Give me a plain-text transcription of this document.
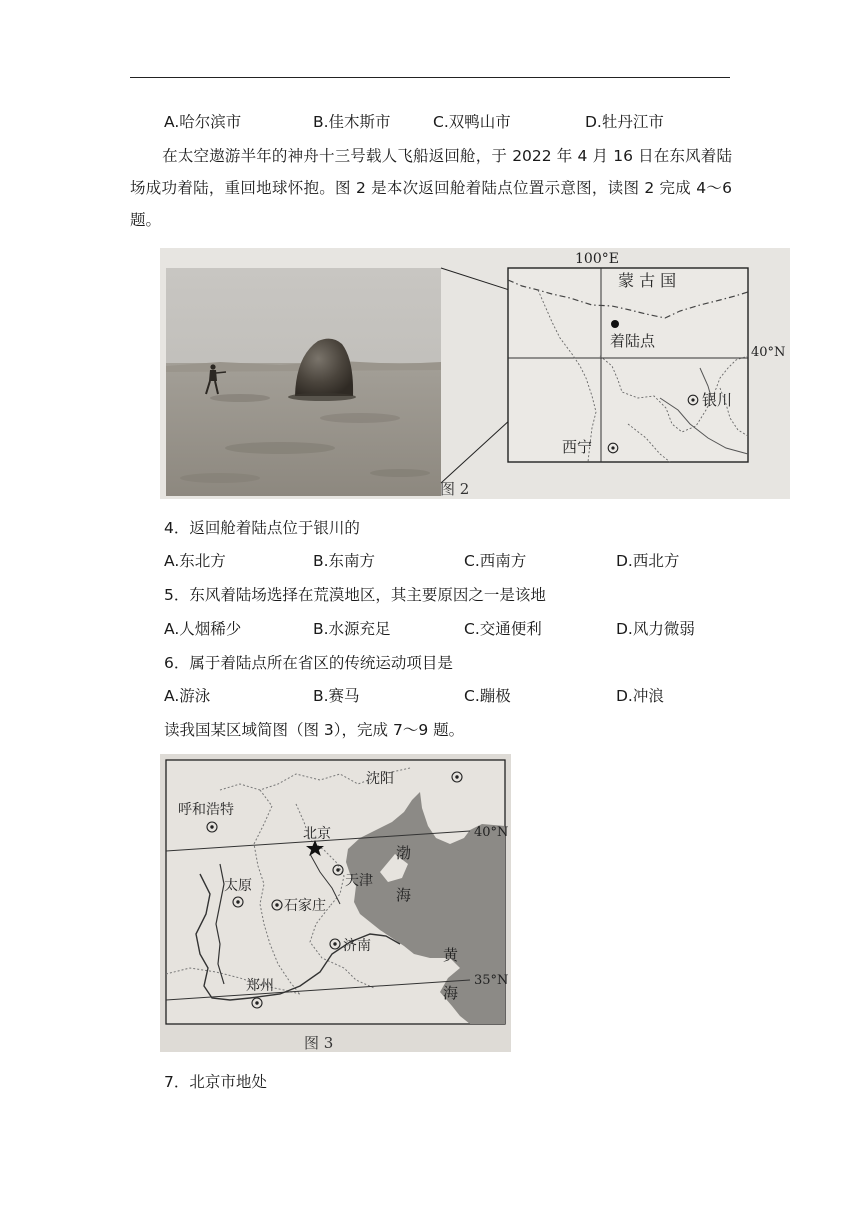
A.哈尔滨市	B.佳木斯市	C.双鸭山市	D.牡丹江市
在太空遨游半年的神舟十三号载人飞船返回舱，于 2022 年 4 月 16 日在东风着陆场成功着陆，重回地球怀抱。图 2 是本次返回舱着陆点位置示意图，读图 2 完成 4～6 题。
100°E
40°N
蒙 古 国
着陆点
银川
西宁
图 2
4．返回舱着陆点位于银川的
A.东北方	B.东南方	C.西南方	D.西北方
5．东风着陆场选择在荒漠地区，其主要原因之一是该地
A.人烟稀少	B.水源充足	C.交通便利	D.风力微弱
6．属于着陆点所在省区的传统运动项目是
A.游泳	B.赛马	C.蹦极	D.冲浪
读我国某区域简图（图 3），完成 7～9 题。
40°N
35°N
沈阳
呼和浩特
北京
天津
太原
石家庄
济南
郑州
渤
海
黄
海
图 3
7．北京市地处
